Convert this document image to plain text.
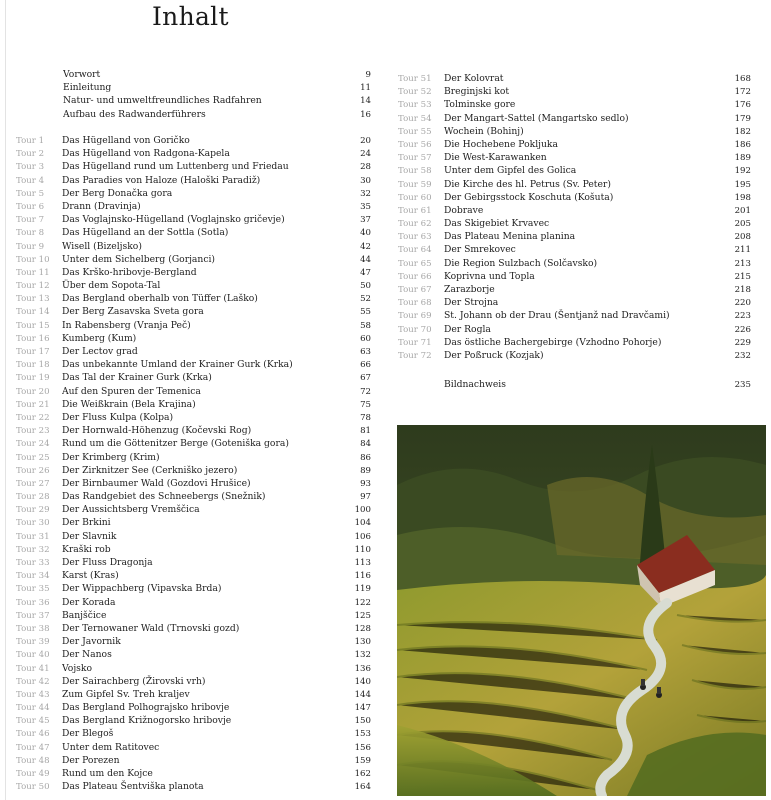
Inhalt
Vorwort	9
Einleitung	11
Natur- und umweltfreundliches Radfahren	14
Aufbau des Radwanderführers	16
Tour 1	Das Hügelland von Goričko	20
Tour 2	Das Hügelland von Radgona-Kapela	24
Tour 3	Das Hügelland rund um Luttenberg und Friedau	28
Tour 4	Das Paradies von Haloze (Haloški Paradiž)	30
Tour 5	Der Berg Donačka gora	32
Tour 6	Drann (Dravinja)	35
Tour 7	Das Voglajnsko-Hügelland (Voglajnsko gričevje)	37
Tour 8	Das Hügelland an der Sottla (Sotla)	40
Tour 9	Wisell (Bizeljsko)	42
Tour 10	Unter dem Sichelberg (Gorjanci)	44
Tour 11	Das Krško-hribovje-Bergland	47
Tour 12	Über dem Sopota-Tal	50
Tour 13	Das Bergland oberhalb von Tüffer (Laško)	52
Tour 14	Der Berg Zasavska Sveta gora	55
Tour 15	In Rabensberg (Vranja Peč)	58
Tour 16	Kumberg (Kum)	60
Tour 17	Der Lectov grad	63
Tour 18	Das unbekannte Umland der Krainer Gurk (Krka)	66
Tour 19	Das Tal der Krainer Gurk (Krka)	67
Tour 20	Auf den Spuren der Temenica	72
Tour 21	Die Weißkrain (Bela Krajina)	75
Tour 22	Der Fluss Kulpa (Kolpa)	78
Tour 23	Der Hornwald-Höhenzug (Kočevski Rog)	81
Tour 24	Rund um die Göttenitzer Berge (Goteniška gora)	84
Tour 25	Der Krimberg (Krim)	86
Tour 26	Der Zirknitzer See (Cerkniško jezero)	89
Tour 27	Der Birnbaumer Wald (Gozdovi Hrušice)	93
Tour 28	Das Randgebiet des Schneebergs (Snežnik)	97
Tour 29	Der Aussichtsberg Vremščica	100
Tour 30	Der Brkini	104
Tour 31	Der Slavnik	106
Tour 32	Kraški rob	110
Tour 33	Der Fluss Dragonja	113
Tour 34	Karst (Kras)	116
Tour 35	Der Wippachberg (Vipavska Brda)	119
Tour 36	Der Korada	122
Tour 37	Banjščice	125
Tour 38	Der Ternowaner Wald (Trnovski gozd)	128
Tour 39	Der Javornik	130
Tour 40	Der Nanos	132
Tour 41	Vojsko	136
Tour 42	Der Sairachberg (Žirovski vrh)	140
Tour 43	Zum Gipfel Sv. Treh kraljev	144
Tour 44	Das Bergland Polhograjsko hribovje	147
Tour 45	Das Bergland Križnogorsko hribovje	150
Tour 46	Der Blegoš	153
Tour 47	Unter dem Ratitovec	156
Tour 48	Der Porezen	159
Tour 49	Rund um den Kojce	162
Tour 50	Das Plateau Šentviška planota	164
Tour 51	Der Kolovrat	168
Tour 52	Breginjski kot	172
Tour 53	Tolminske gore	176
Tour 54	Der Mangart-Sattel (Mangartsko sedlo)	179
Tour 55	Wochein (Bohinj)	182
Tour 56	Die Hochebene Pokljuka	186
Tour 57	Die West-Karawanken	189
Tour 58	Unter dem Gipfel des Golica	192
Tour 59	Die Kirche des hl. Petrus (Sv. Peter)	195
Tour 60	Der Gebirgsstock Koschuta (Košuta)	198
Tour 61	Dobrave	201
Tour 62	Das Skigebiet Krvavec	205
Tour 63	Das Plateau Menina planina	208
Tour 64	Der Smrekovec	211
Tour 65	Die Region Sulzbach (Solčavsko)	213
Tour 66	Koprivna und Topla	215
Tour 67	Zarazborje	218
Tour 68	Der Strojna	220
Tour 69	St. Johann ob der Drau (Šentjanž nad Dravčami)	223
Tour 70	Der Rogla	226
Tour 71	Das östliche Bachergebirge (Vzhodno Pohorje)	229
Tour 72	Der Poßruck (Kozjak)	232
Bildnachweis	235
